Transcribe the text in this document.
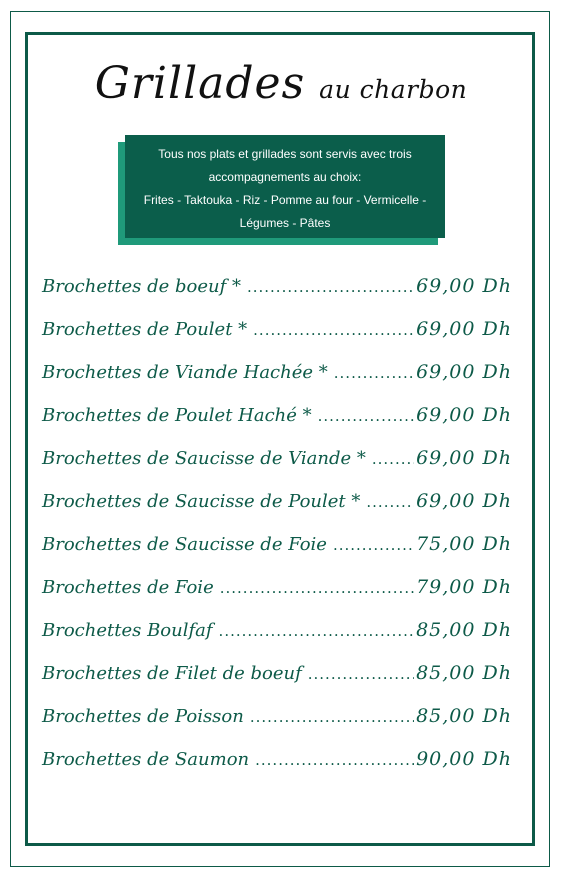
Grillades au charbon
Tous nos plats et grillades sont servis avec trois
accompagnements au choix:
Frites - Taktouka - Riz - Pomme au four - Vermicelle -
Légumes - Pâtes
Brochettes de boeuf * .....	69,00 Dh
Brochettes de Poulet * .....	69,00 Dh
Brochettes de Viande Hachée * .....	69,00 Dh
Brochettes de Poulet Haché * .....	69,00 Dh
Brochettes de Saucisse de Viande * .....	69,00 Dh
Brochettes de Saucisse de Poulet * .....	69,00 Dh
Brochettes de Saucisse de Foie .....	75,00 Dh
Brochettes de Foie .....	79,00 Dh
Brochettes Boulfaf .....	85,00 Dh
Brochettes de Filet de boeuf .....	85,00 Dh
Brochettes de Poisson .....	85,00 Dh
Brochettes de Saumon .....	90,00 Dh
